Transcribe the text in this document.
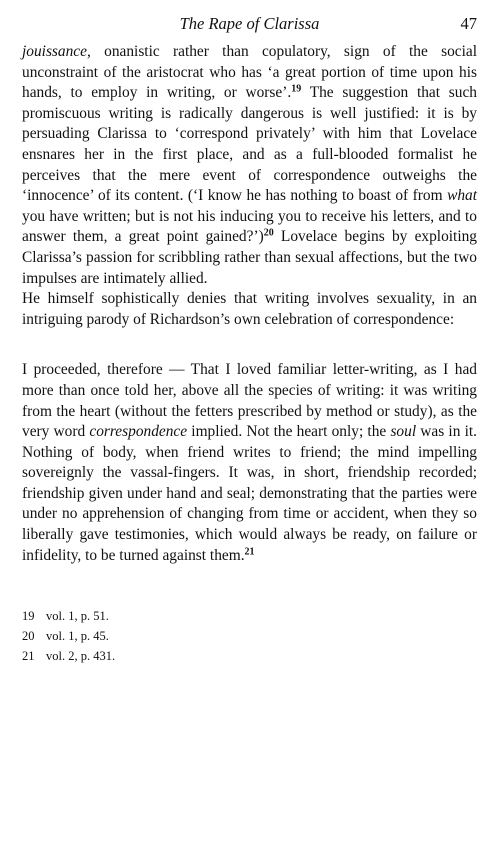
The Rape of Clarissa	47

jouissance, onanistic rather than copulatory, sign of the social unconstraint of the aristocrat who has ‘a great portion of time upon his hands, to employ in writing, or worse’.$^{19}$ The suggestion that such promiscuous writing is radically dangerous is well justified: it is by persuading Clarissa to ‘correspond privately’ with him that Lovelace ensnares her in the first place, and as a full-blooded formalist he perceives that the mere event of correspondence outweighs the ‘innocence’ of its content. (‘I know he has nothing to boast of from what you have written; but is not his inducing you to receive his letters, and to answer them, a great point gained?’)$^{20}$ Lovelace begins by exploiting Clarissa’s passion for scribbling rather than sexual affections, but the two impulses are intimately allied.

He himself sophistically denies that writing involves sexuality, in an intriguing parody of Richardson’s own celebration of correspondence:

I proceeded, therefore — That I loved familiar letter-writing, as I had more than once told her, above all the species of writing: it was writing from the heart (without the fetters prescribed by method or study), as the very word correspondence implied. Not the heart only; the soul was in it. Nothing of body, when friend writes to friend; the mind impelling sovereignly the vassal-fingers. It was, in short, friendship recorded; friendship given under hand and seal; demonstrating that the parties were under no apprehension of changing from time or accident, when they so liberally gave testimonies, which would always be ready, on failure or infidelity, to be turned against them.$^{21}$

19 vol. 1, p. 51.
20 vol. 1, p. 45.
21 vol. 2, p. 431.
